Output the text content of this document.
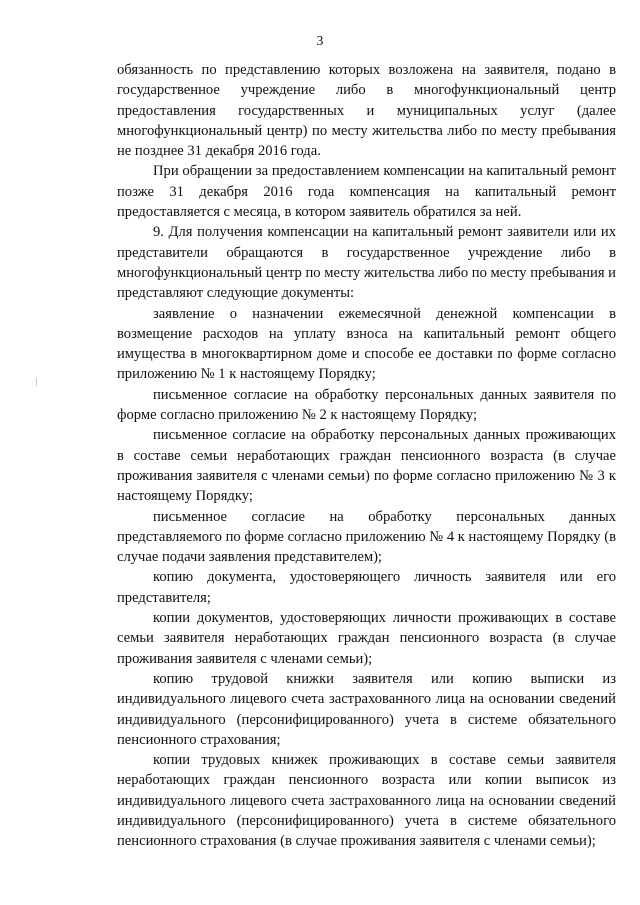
3

обязанность по представлению которых возложена на заявителя, подано в государственное учреждение либо в многофункциональный центр предоставления государственных и муниципальных услуг (далее многофункциональный центр) по месту жительства либо по месту пребывания не позднее 31 декабря 2016 года.

При обращении за предоставлением компенсации на капитальный ремонт позже 31 декабря 2016 года компенсация на капитальный ремонт предоставляется с месяца, в котором заявитель обратился за ней.

9. Для получения компенсации на капитальный ремонт заявители или их представители обращаются в государственное учреждение либо в многофункциональный центр по месту жительства либо по месту пребывания и представляют следующие документы:

заявление о назначении ежемесячной денежной компенсации в возмещение расходов на уплату взноса на капитальный ремонт общего имущества в многоквартирном доме и способе ее доставки по форме согласно приложению № 1 к настоящему Порядку;

письменное согласие на обработку персональных данных заявителя по форме согласно приложению № 2 к настоящему Порядку;

письменное согласие на обработку персональных данных проживающих в составе семьи неработающих граждан пенсионного возраста (в случае проживания заявителя с членами семьи) по форме согласно приложению № 3 к настоящему Порядку;

письменное согласие на обработку персональных данных представляемого по форме согласно приложению № 4 к настоящему Порядку (в случае подачи заявления представителем);

копию документа, удостоверяющего личность заявителя или его представителя;

копии документов, удостоверяющих личности проживающих в составе семьи заявителя неработающих граждан пенсионного возраста (в случае проживания заявителя с членами семьи);

копию трудовой книжки заявителя или копию выписки из индивидуального лицевого счета застрахованного лица на основании сведений индивидуального (персонифицированного) учета в системе обязательного пенсионного страхования;

копии трудовых книжек проживающих в составе семьи заявителя неработающих граждан пенсионного возраста или копии выписок из индивидуального лицевого счета застрахованного лица на основании сведений индивидуального (персонифицированного) учета в системе обязательного пенсионного страхования (в случае проживания заявителя с членами семьи);
